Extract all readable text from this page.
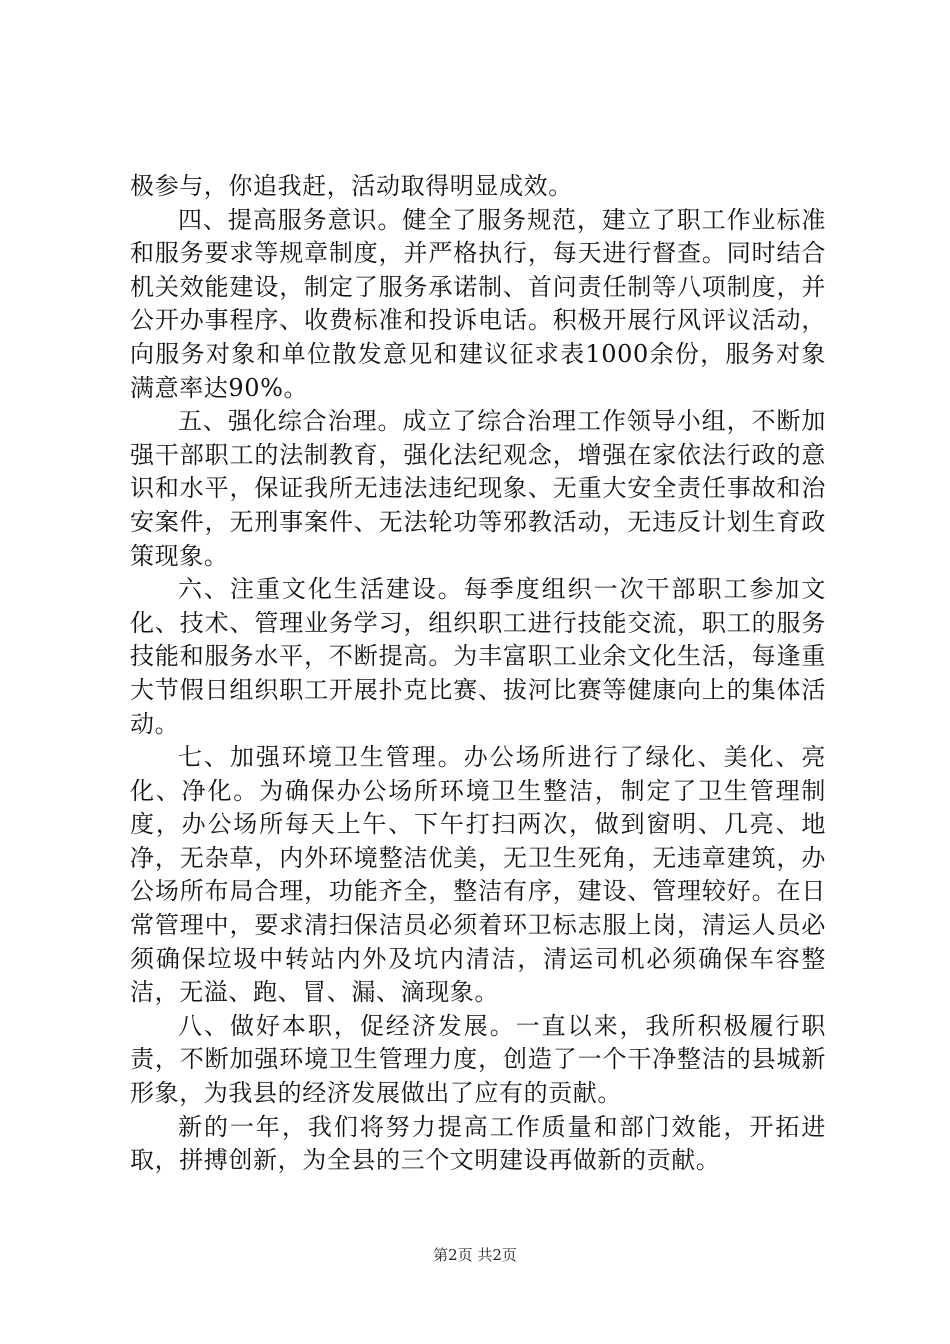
极参与，你追我赶，活动取得明显成效。

四、提高服务意识。健全了服务规范，建立了职工作业标准和服务要求等规章制度，并严格执行，每天进行督查。同时结合机关效能建设，制定了服务承诺制、首问责任制等八项制度，并公开办事程序、收费标准和投诉电话。积极开展行风评议活动，向服务对象和单位散发意见和建议征求表1000余份，服务对象满意率达90%。

五、强化综合治理。成立了综合治理工作领导小组，不断加强干部职工的法制教育，强化法纪观念，增强在家依法行政的意识和水平，保证我所无违法违纪现象、无重大安全责任事故和治安案件，无刑事案件、无法轮功等邪教活动，无违反计划生育政策现象。

六、注重文化生活建设。每季度组织一次干部职工参加文化、技术、管理业务学习，组织职工进行技能交流，职工的服务技能和服务水平，不断提高。为丰富职工业余文化生活，每逢重大节假日组织职工开展扑克比赛、拔河比赛等健康向上的集体活动。

七、加强环境卫生管理。办公场所进行了绿化、美化、亮化、净化。为确保办公场所环境卫生整洁，制定了卫生管理制度，办公场所每天上午、下午打扫两次，做到窗明、几亮、地净，无杂草，内外环境整洁优美，无卫生死角，无违章建筑，办公场所布局合理，功能齐全，整洁有序，建设、管理较好。在日常管理中，要求清扫保洁员必须着环卫标志服上岗，清运人员必须确保垃圾中转站内外及坑内清洁，清运司机必须确保车容整洁，无溢、跑、冒、漏、滴现象。

八、做好本职，促经济发展。一直以来，我所积极履行职责，不断加强环境卫生管理力度，创造了一个干净整洁的县城新形象，为我县的经济发展做出了应有的贡献。

新的一年，我们将努力提高工作质量和部门效能，开拓进取，拼搏创新，为全县的三个文明建设再做新的贡献。

第2页 共2页
